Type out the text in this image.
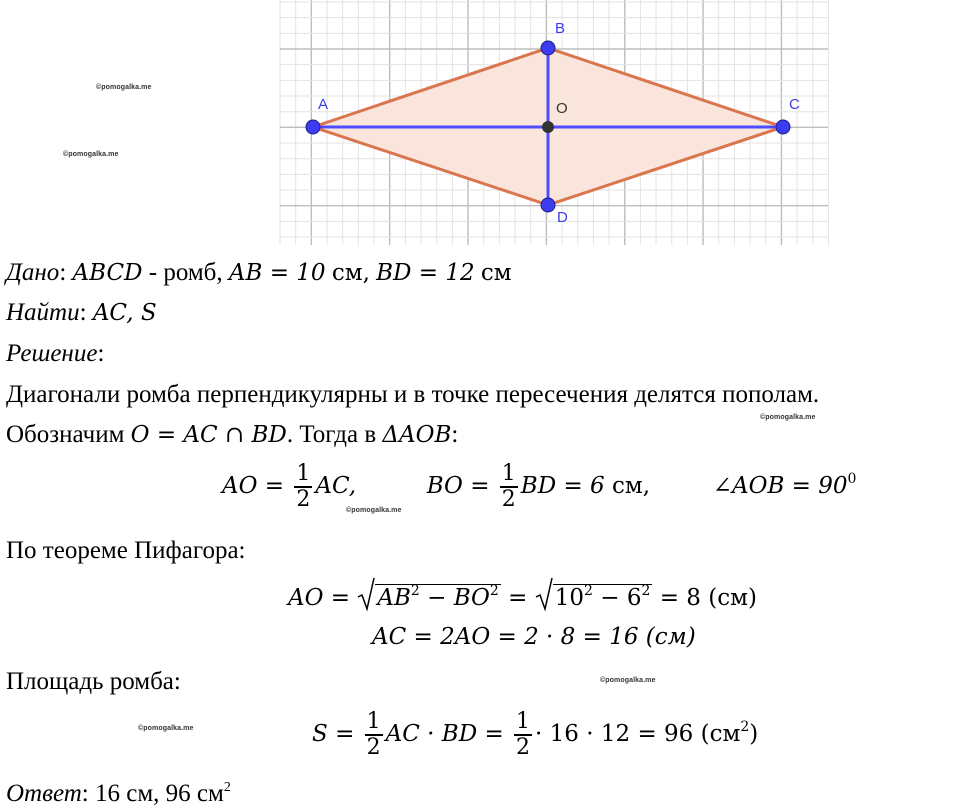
A
B
C
D
O
©pomogalka.me
©pomogalka.me
©pomogalka.me
©pomogalka.me
©pomogalka.me
©pomogalka.me
Дано: ABCD - ромб, AB = 10 см, BD = 12 см
Найти: AC, S
Решение:
Диагонали ромба перпендикулярны и в точке пересечения делятся пополам.
Обозначим O = AC ∩ BD. Тогда в ΔAOB:
AO = $\frac{1}{2}$ AC,	BO = $\frac{1}{2}$ BD = 6 см,	∠AOB = $90^0$
По теореме Пифагора:
AO = $AB^2 - BO^2 = 10^2 - 6^2 = 8$ (см)
AC = 2AO = 2 · 8 = 16 (см)
Площадь ромба:
$S = \frac{1}{2}$ AC · BD = $\frac{1}{2} \cdot 16 \cdot 12 = 96$ $(см^2)$
Ответ: 16 см, 96 $см^2$
